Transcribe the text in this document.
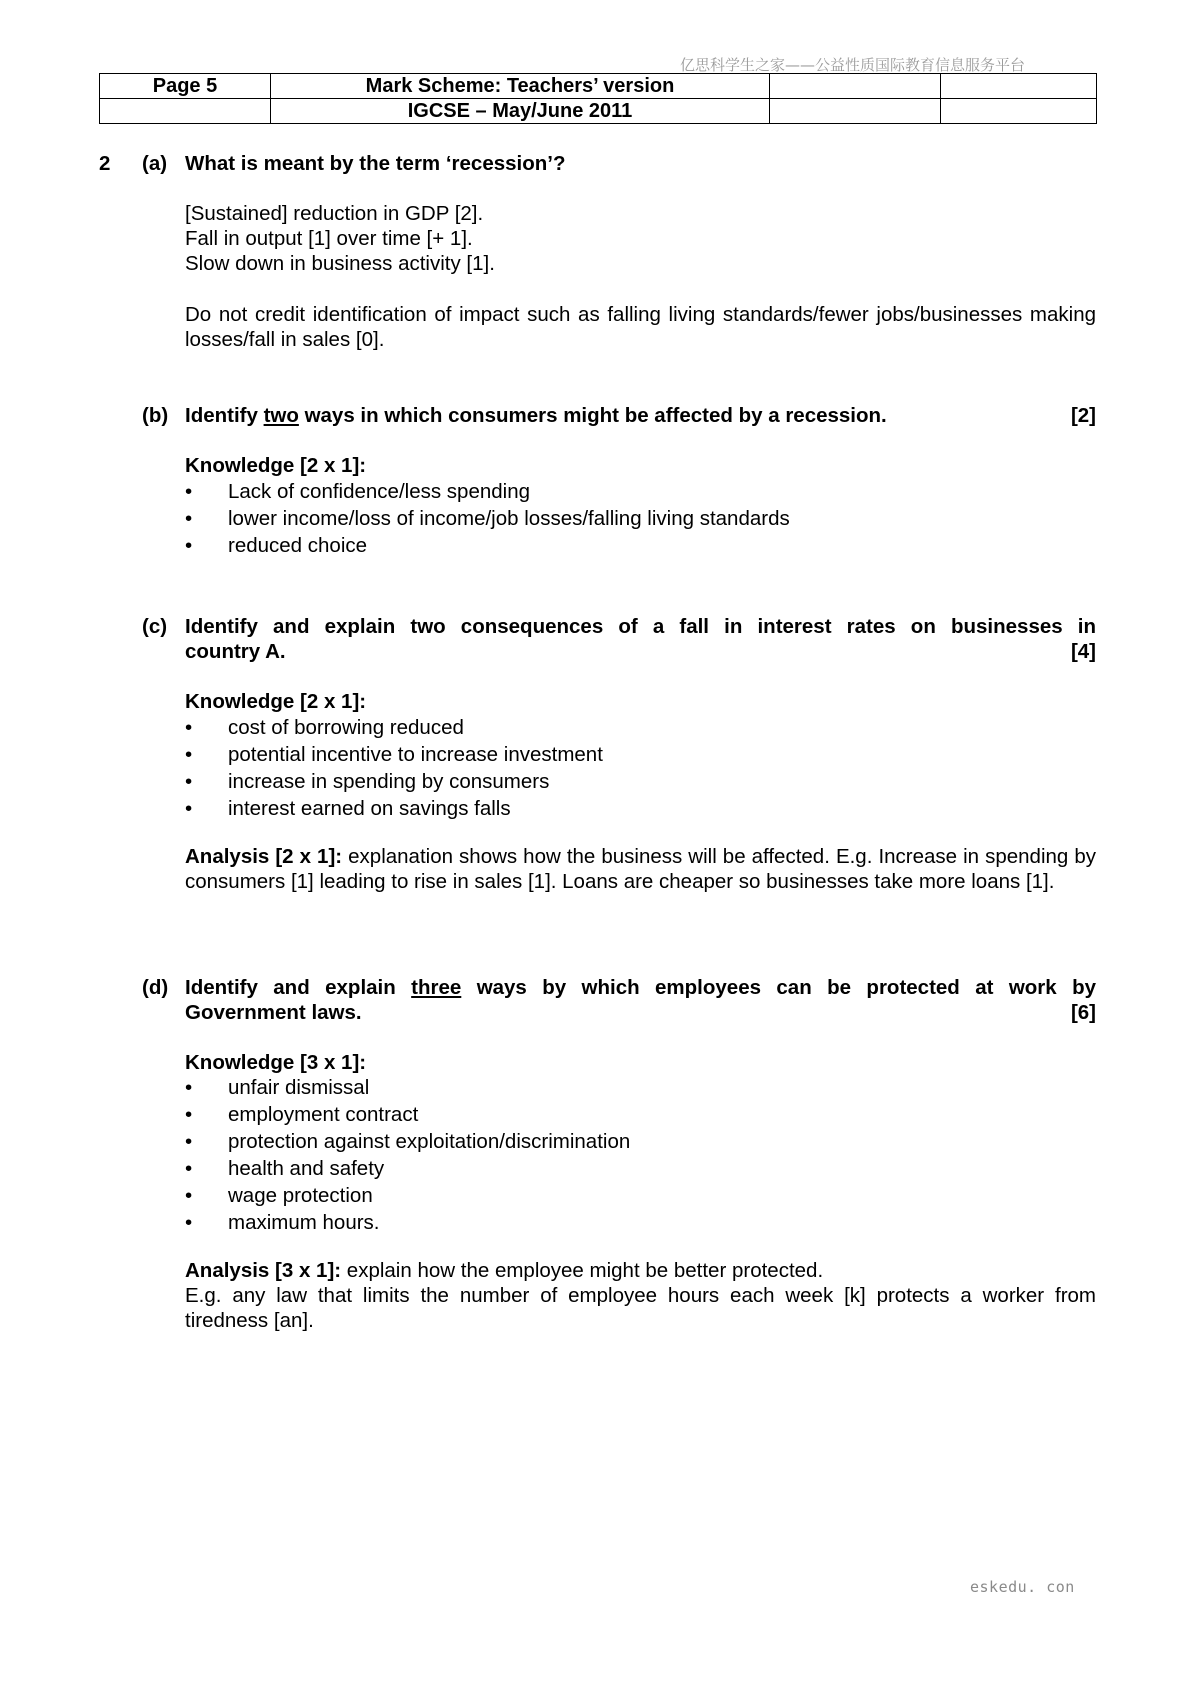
亿思科学生之家——公益性质国际教育信息服务平台
Page 5	Mark Scheme: Teachers’ version		
	IGCSE – May/June 2011		
2 (a) What is meant by the term ‘recession’?
[Sustained] reduction in GDP [2].
Fall in output [1] over time [+ 1].
Slow down in business activity [1].
Do not credit identification of impact such as falling living standards/fewer jobs/businesses making losses/fall in sales [0].
(b) Identify two ways in which consumers might be affected by a recession.	[2]
Knowledge [2 x 1]:
• Lack of confidence/less spending
• lower income/loss of income/job losses/falling living standards
• reduced choice
(c) Identify and explain two consequences of a fall in interest rates on businesses in
country A.	[4]
Knowledge [2 x 1]:
• cost of borrowing reduced
• potential incentive to increase investment
• increase in spending by consumers
• interest earned on savings falls
Analysis [2 x 1]: explanation shows how the business will be affected. E.g. Increase in spending by consumers [1] leading to rise in sales [1]. Loans are cheaper so businesses take more loans [1].
(d) Identify and explain three ways by which employees can be protected at work by
Government laws.	[6]
Knowledge [3 x 1]:
• unfair dismissal
• employment contract
• protection against exploitation/discrimination
• health and safety
• wage protection
• maximum hours.
Analysis [3 x 1]: explain how the employee might be better protected.
E.g. any law that limits the number of employee hours each week [k] protects a worker from tiredness [an].
eskedu. con
